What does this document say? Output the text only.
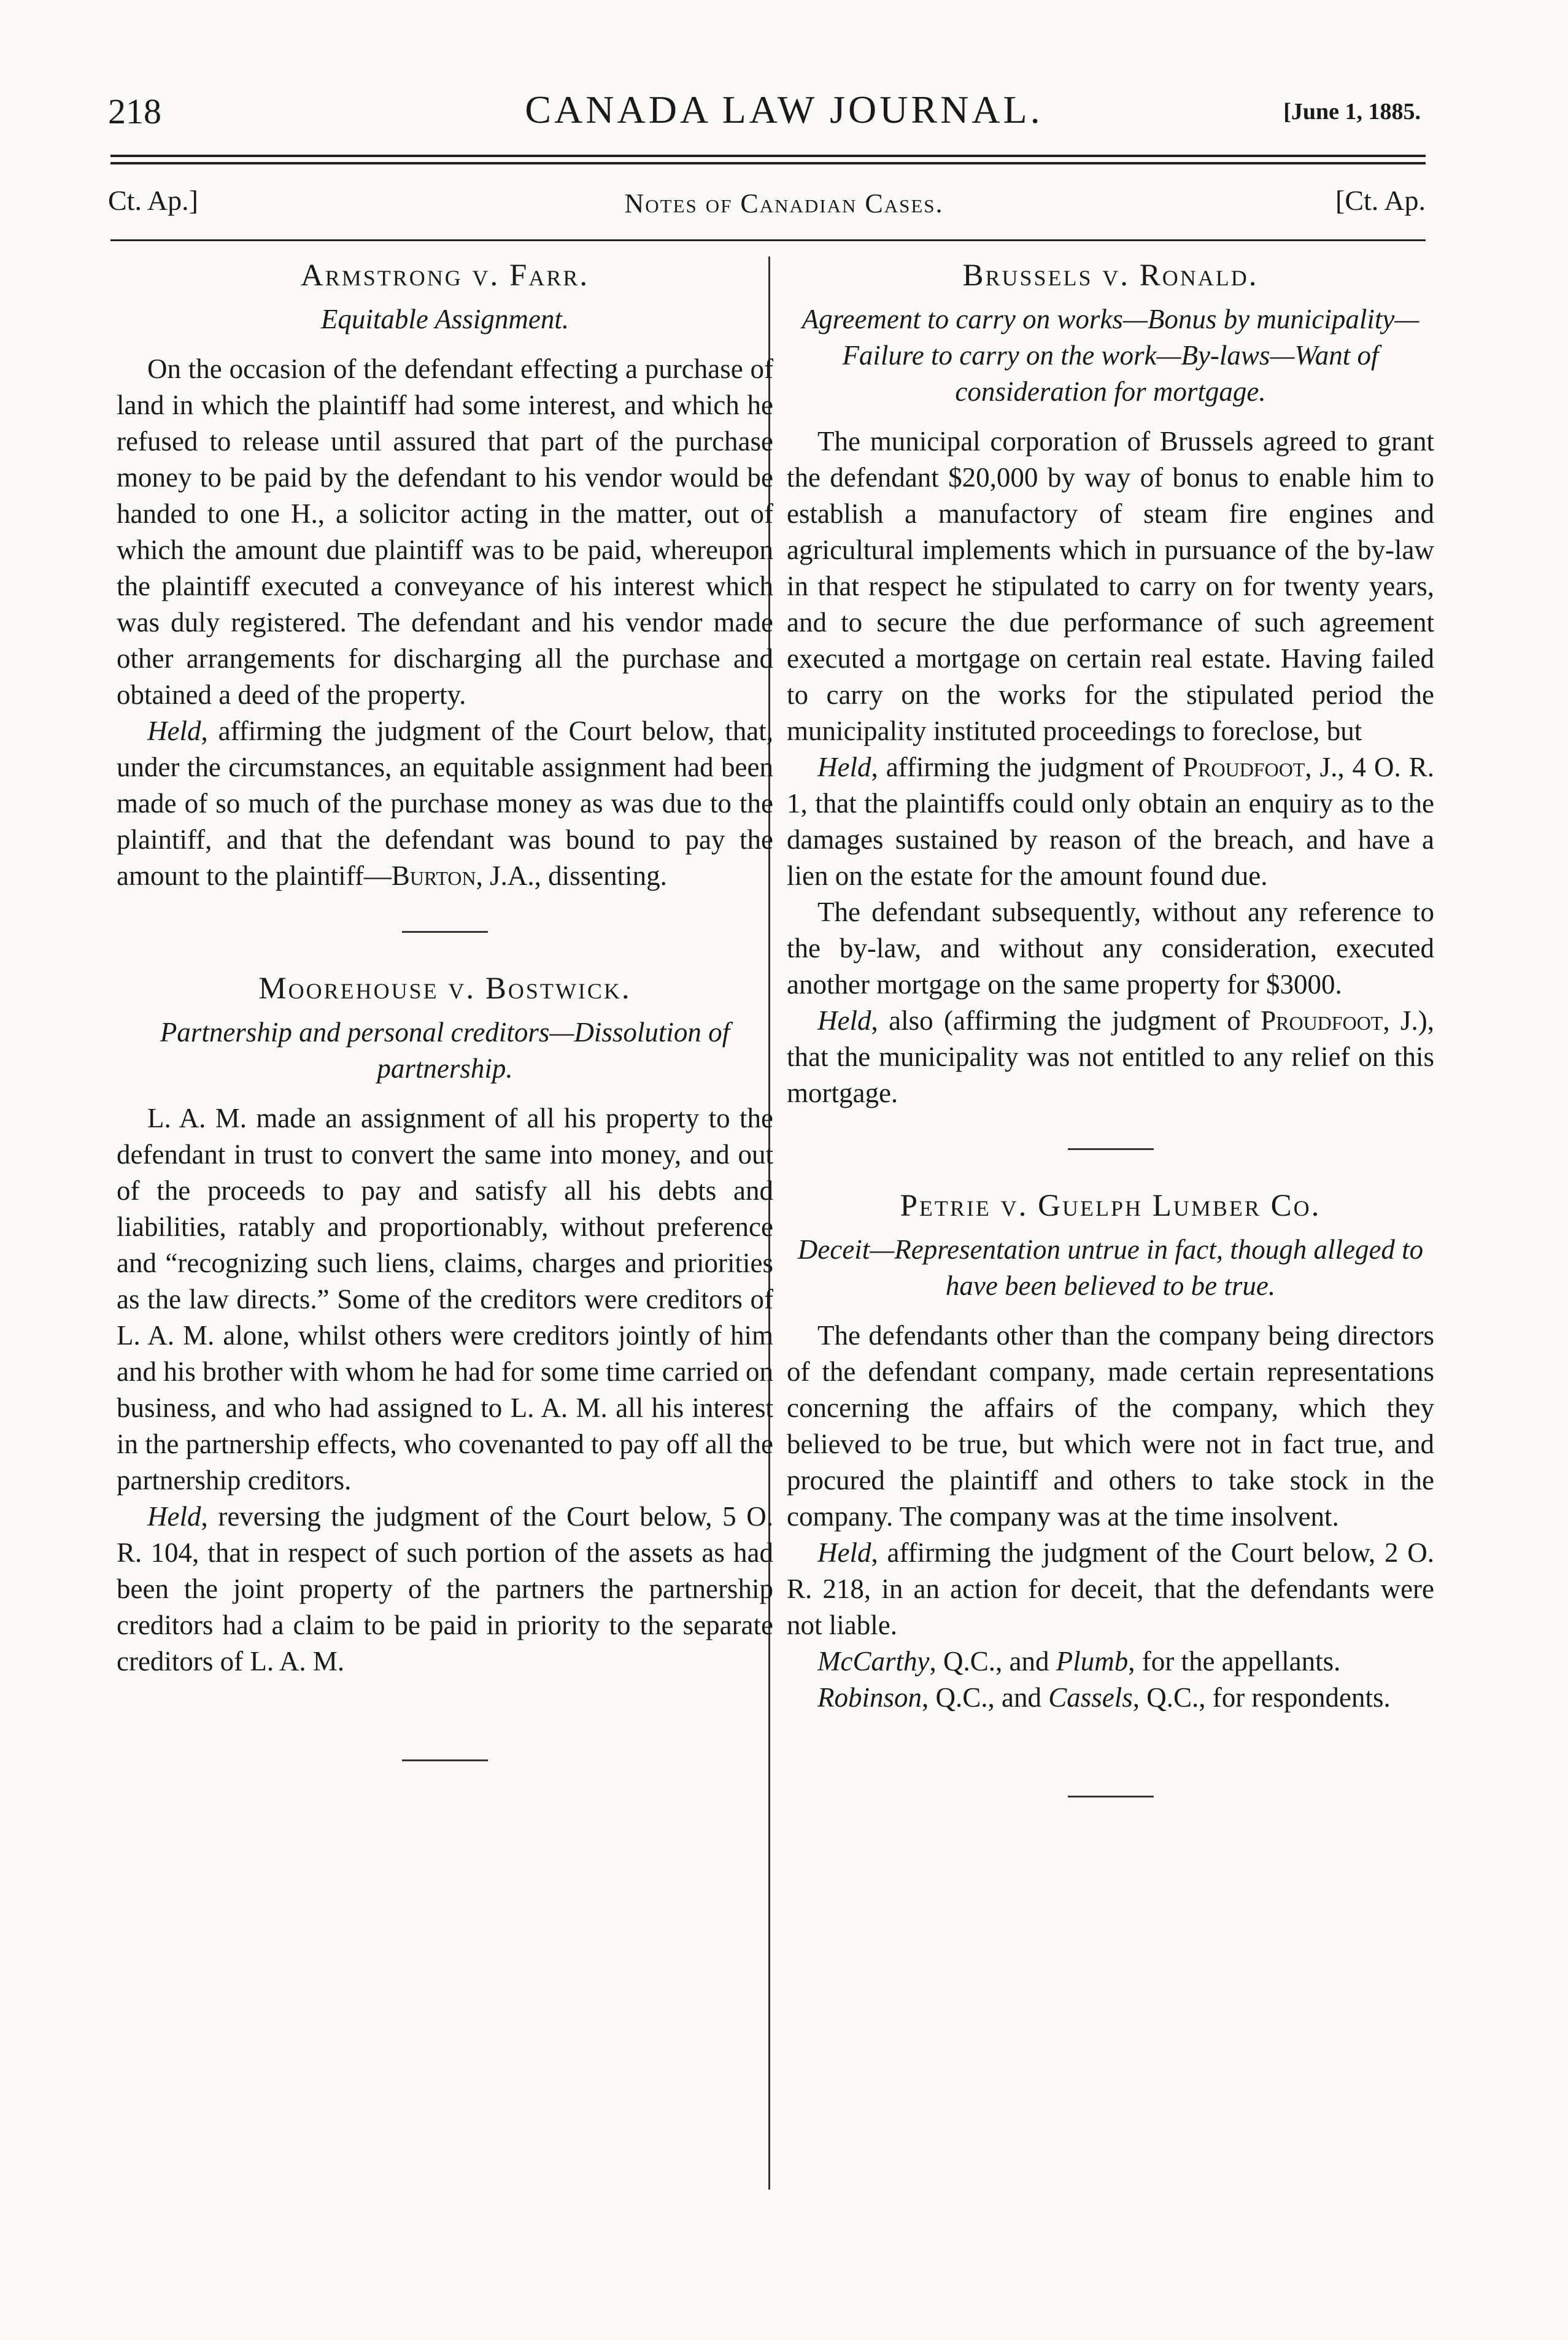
218	CANADA LAW JOURNAL.	[June 1, 1885.
Ct. Ap.]	Notes of Canadian Cases.	[Ct. Ap.
Armstrong v. Farr.
Equitable Assignment.

On the occasion of the defendant effecting a purchase of land in which the plaintiff had some interest, and which he refused to release until assured that part of the purchase money to be paid by the defendant to his vendor would be handed to one H., a solicitor acting in the matter, out of which the amount due plaintiff was to be paid, whereupon the plaintiff executed a conveyance of his interest which was duly registered. The defendant and his vendor made other arrangements for discharging all the purchase and obtained a deed of the property.

Held, affirming the judgment of the Court below, that, under the circumstances, an equitable assignment had been made of so much of the purchase money as was due to the plaintiff, and that the defendant was bound to pay the amount to the plaintiff—Burton, J.A., dissenting.

Moorehouse v. Bostwick.
Partnership and personal creditors—Dissolution of partnership.

L. A. M. made an assignment of all his property to the defendant in trust to convert the same into money, and out of the proceeds to pay and satisfy all his debts and liabilities, ratably and proportionably, without preference and “recognizing such liens, claims, charges and priorities as the law directs.” Some of the creditors were creditors of L. A. M. alone, whilst others were creditors jointly of him and his brother with whom he had for some time carried on business, and who had assigned to L. A. M. all his interest in the partnership effects, who covenanted to pay off all the partnership creditors.

Held, reversing the judgment of the Court below, 5 O. R. 104, that in respect of such portion of the assets as had been the joint property of the partners the partnership creditors had a claim to be paid in priority to the separate creditors of L. A. M.

Brussels v. Ronald.
Agreement to carry on works—Bonus by municipality—Failure to carry on the work—By-laws—Want of consideration for mortgage.

The municipal corporation of Brussels agreed to grant the defendant $20,000 by way of bonus to enable him to establish a manufactory of steam fire engines and agricultural implements which in pursuance of the by-law in that respect he stipulated to carry on for twenty years, and to secure the due performance of such agreement executed a mortgage on certain real estate. Having failed to carry on the works for the stipulated period the municipality instituted proceedings to foreclose, but

Held, affirming the judgment of Proudfoot, J., 4 O. R. 1, that the plaintiffs could only obtain an enquiry as to the damages sustained by reason of the breach, and have a lien on the estate for the amount found due.

The defendant subsequently, without any reference to the by-law, and without any consideration, executed another mortgage on the same property for $3000.

Held, also (affirming the judgment of Proudfoot, J.), that the municipality was not entitled to any relief on this mortgage.

Petrie v. Guelph Lumber Co.
Deceit—Representation untrue in fact, though alleged to have been believed to be true.

The defendants other than the company being directors of the defendant company, made certain representations concerning the affairs of the company, which they believed to be true, but which were not in fact true, and procured the plaintiff and others to take stock in the company. The company was at the time insolvent.

Held, affirming the judgment of the Court below, 2 O. R. 218, in an action for deceit, that the defendants were not liable.

McCarthy, Q.C., and Plumb, for the appellants.

Robinson, Q.C., and Cassels, Q.C., for respondents.
